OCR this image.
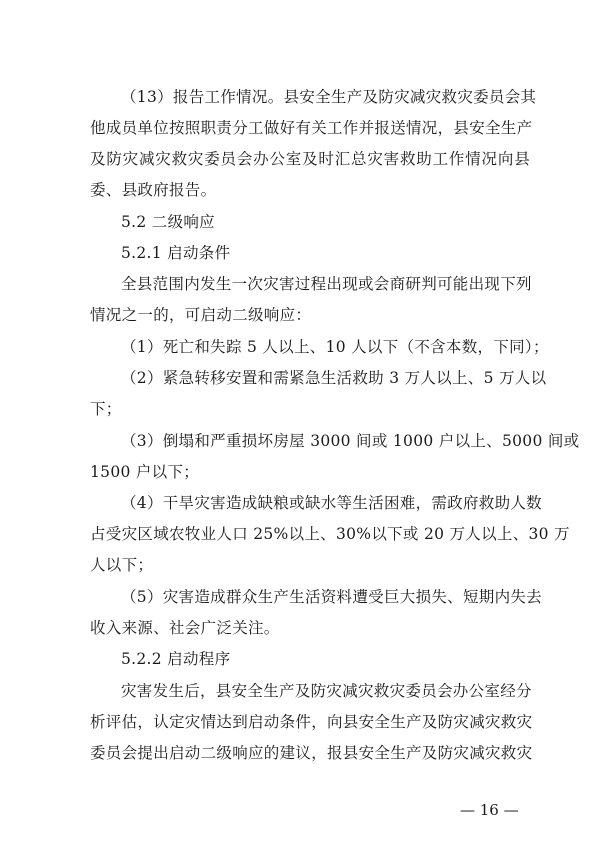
（13）报告工作情况。县安全生产及防灾减灾救灾委员会其
他成员单位按照职责分工做好有关工作并报送情况，县安全生产
及防灾减灾救灾委员会办公室及时汇总灾害救助工作情况向县
委、县政府报告。
5.2 二级响应
5.2.1 启动条件
全县范围内发生一次灾害过程出现或会商研判可能出现下列
情况之一的，可启动二级响应：
（1）死亡和失踪 5 人以上、10 人以下（不含本数，下同）；
（2）紧急转移安置和需紧急生活救助 3 万人以上、5 万人以
下；
（3）倒塌和严重损坏房屋 3000 间或 1000 户以上、5000 间或
1500 户以下；
（4）干旱灾害造成缺粮或缺水等生活困难，需政府救助人数
占受灾区域农牧业人口 25%以上、30%以下或 20 万人以上、30 万
人以下；
（5）灾害造成群众生产生活资料遭受巨大损失、短期内失去
收入来源、社会广泛关注。
5.2.2 启动程序
灾害发生后，县安全生产及防灾减灾救灾委员会办公室经分
析评估，认定灾情达到启动条件，向县安全生产及防灾减灾救灾
委员会提出启动二级响应的建议，报县安全生产及防灾减灾救灾
— 16 —
